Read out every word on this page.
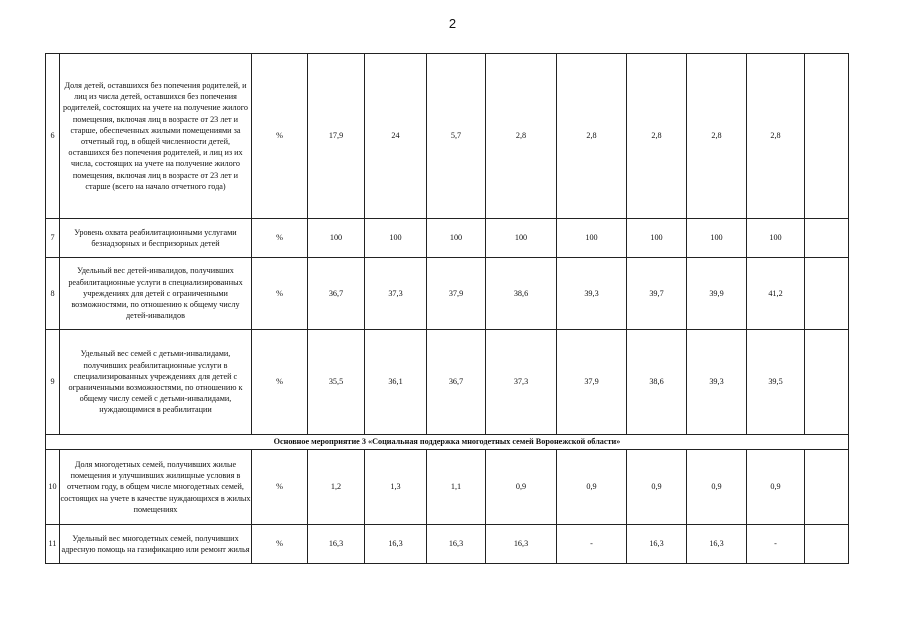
2
6	Доля детей, оставшихся без попечения родителей, и лиц из числа детей, оставшихся без попечения родителей, состоящих на учете на получение жилого помещения, включая лиц в возрасте от 23 лет и старше, обеспеченных жилыми помещениями за отчетный год, в общей численности детей, оставшихся без попечения родителей, и лиц из их числа, состоящих на учете на получение жилого помещения, включая лиц в возрасте от 23 лет и старше (всего на начало отчетного года)	%	17,9	24	5,7	2,8	2,8	2,8	2,8	2,8	
7	Уровень охвата реабилитационными услугами безнадзорных и беспризорных детей	%	100	100	100	100	100	100	100	100	
8	Удельный вес детей-инвалидов, получивших реабилитационные услуги в специализированных учреждениях для детей с ограниченными возможностями, по отношению к общему числу детей-инвалидов	%	36,7	37,3	37,9	38,6	39,3	39,7	39,9	41,2	
9	Удельный вес семей с детьми-инвалидами, получивших реабилитационные услуги в специализированных учреждениях для детей с ограниченными возможностями, по отношению к общему числу семей с детьми-инвалидами, нуждающимися в реабилитации	%	35,5	36,1	36,7	37,3	37,9	38,6	39,3	39,5	
Основное мероприятие 3 «Социальная поддержка многодетных семей Воронежской области»											
10	Доля многодетных семей, получивших жилые помещения и улучшивших жилищные условия в отчетном году, в общем числе многодетных семей, состоящих на учете в качестве нуждающихся в жилых помещениях	%	1,2	1,3	1,1	0,9	0,9	0,9	0,9	0,9	
11	Удельный вес многодетных семей, получивших адресную помощь на газификацию или ремонт жилья	%	16,3	16,3	16,3	16,3	-	16,3	16,3	-	
